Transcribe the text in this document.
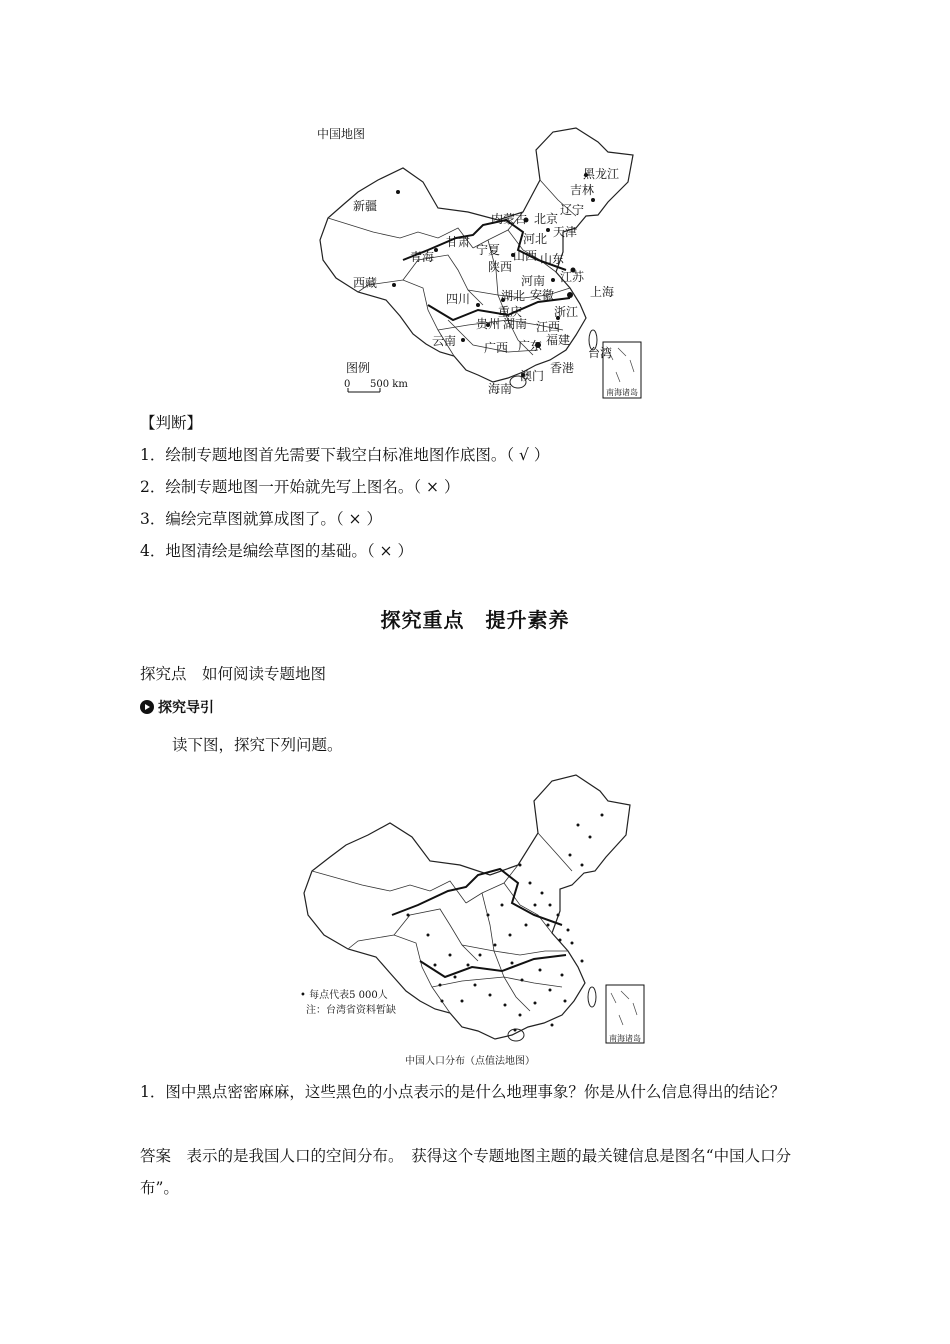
中国地图
黑龙江
吉林
辽宁
内蒙古 北京
天津
河北
甘肃
宁夏 山西 山东
新疆
青海
陕西
河南 江苏
西藏
四川	湖北 安徽	上海
重庆	浙江
贵州 湖南 江西
云南 广西 广东 福建
台湾
澳门
香港
海南
图例
0 500 km
南海诸岛
【判断】
1．绘制专题地图首先需要下载空白标准地图作底图。（ √ ）
2．绘制专题地图一开始就先写上图名。（ × ）
3．编绘完草图就算成图了。（ × ）
4．地图清绘是编绘草图的基础。（ × ）
探究重点　提升素养
探究点　如何阅读专题地图
探究导引
读下图，探究下列问题。
• 每点代表5 000人
注：台湾省资料暂缺
南海诸岛
中国人口分布（点值法地图）
1．图中黑点密密麻麻，这些黑色的小点表示的是什么地理事象？你是从什么信息得出的结论？
答案　表示的是我国人口的空间分布。　获得这个专题地图主题的最关键信息是图名“中国人口分布”。
